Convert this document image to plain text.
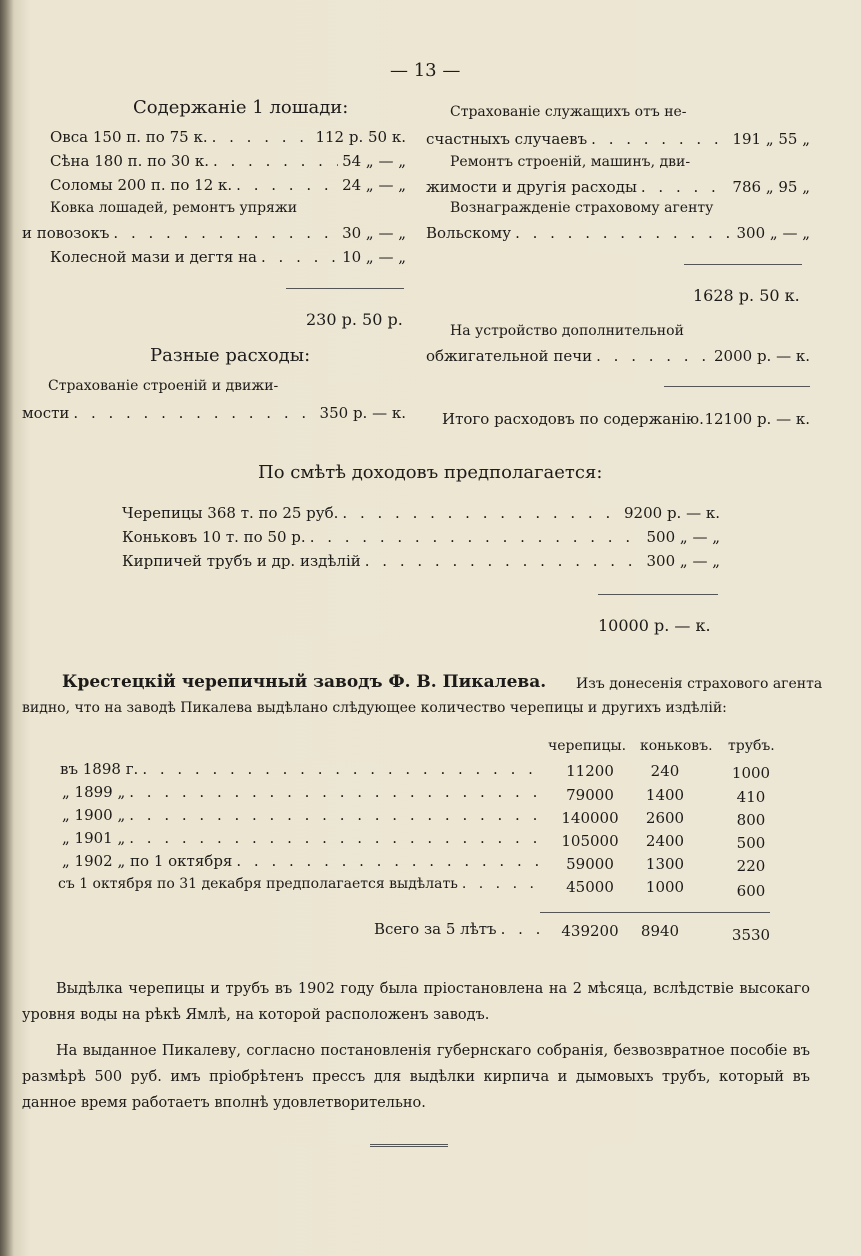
— 13 —
Содержаніе 1 лошади:
Овса 150 п. по 75 к. . . .	112 р. 50 к.
Сѣна 180 п. по 30 к. . . .	54 „ — „
Соломы 200 п. по 12 к. . . .	24 „ — „
Ковка лошадей, ремонтъ упряжи
и повозокъ . . .	30 „ — „
Колесной мази и дегтя на . . .	10 „ — „
230 р. 50 р.
Разные расходы:
Страхованіе строеній и движи-
мости . . .	350 р. — к.
Страхованіе служащихъ отъ не-
счастныхъ случаевъ . . .	191 „ 55 „
Ремонтъ строеній, машинъ, дви-
жимости и другія расходы . . .	786 „ 95 „
Вознагражденіе страховому агенту
Вольскому . . .	300 „ — „
1628 р. 50 к.
На устройство дополнительной
обжигательной печи . . .	2000 р. — к.
Итого расходовъ по содержанію. 12100 р. — к.
По смѣтѣ доходовъ предполагается:
Черепицы 368 т. по 25 руб. . . .	9200 р. — к.
Коньковъ 10 т. по 50 р. . . .	500 „ — „
Кирпичей трубъ и др. издѣлій . . .	300 „ — „
10000 р. — к.
Крестецкій черепичный заводъ Ф. В. Пикалева. Изъ донесенія страхового агента
видно, что на заводѣ Пикалева выдѣлано слѣдующее количество черепицы и другихъ издѣлій:
черепицы. коньковъ. трубъ.
въ 1898 г. . . .	11200	240	1000
„ 1899 „ . . .	79000	1400	410
„ 1900 „ . . .	140000	2600	800
„ 1901 „ . . .	105000	2400	500
„ 1902 „ по 1 октября . . .	59000	1300	220
съ 1 октября по 31 декабря предполагается выдѣлать . . .	45000	1000	600
Всего за 5 лѣтъ . . .	439200	8940	3530
Выдѣлка черепицы и трубъ въ 1902 году была пріостановлена на 2 мѣсяца, вслѣдствіе высокаго уровня воды на рѣкѣ Ямлѣ, на которой расположенъ заводъ.
На выданное Пикалеву, согласно постановленія губернскаго собранія, безвозвратное пособіе въ размѣрѣ 500 руб. имъ пріобрѣтенъ прессъ для выдѣлки кирпича и дымовыхъ трубъ, который въ данное время работаетъ вполнѣ удовлетворительно.
